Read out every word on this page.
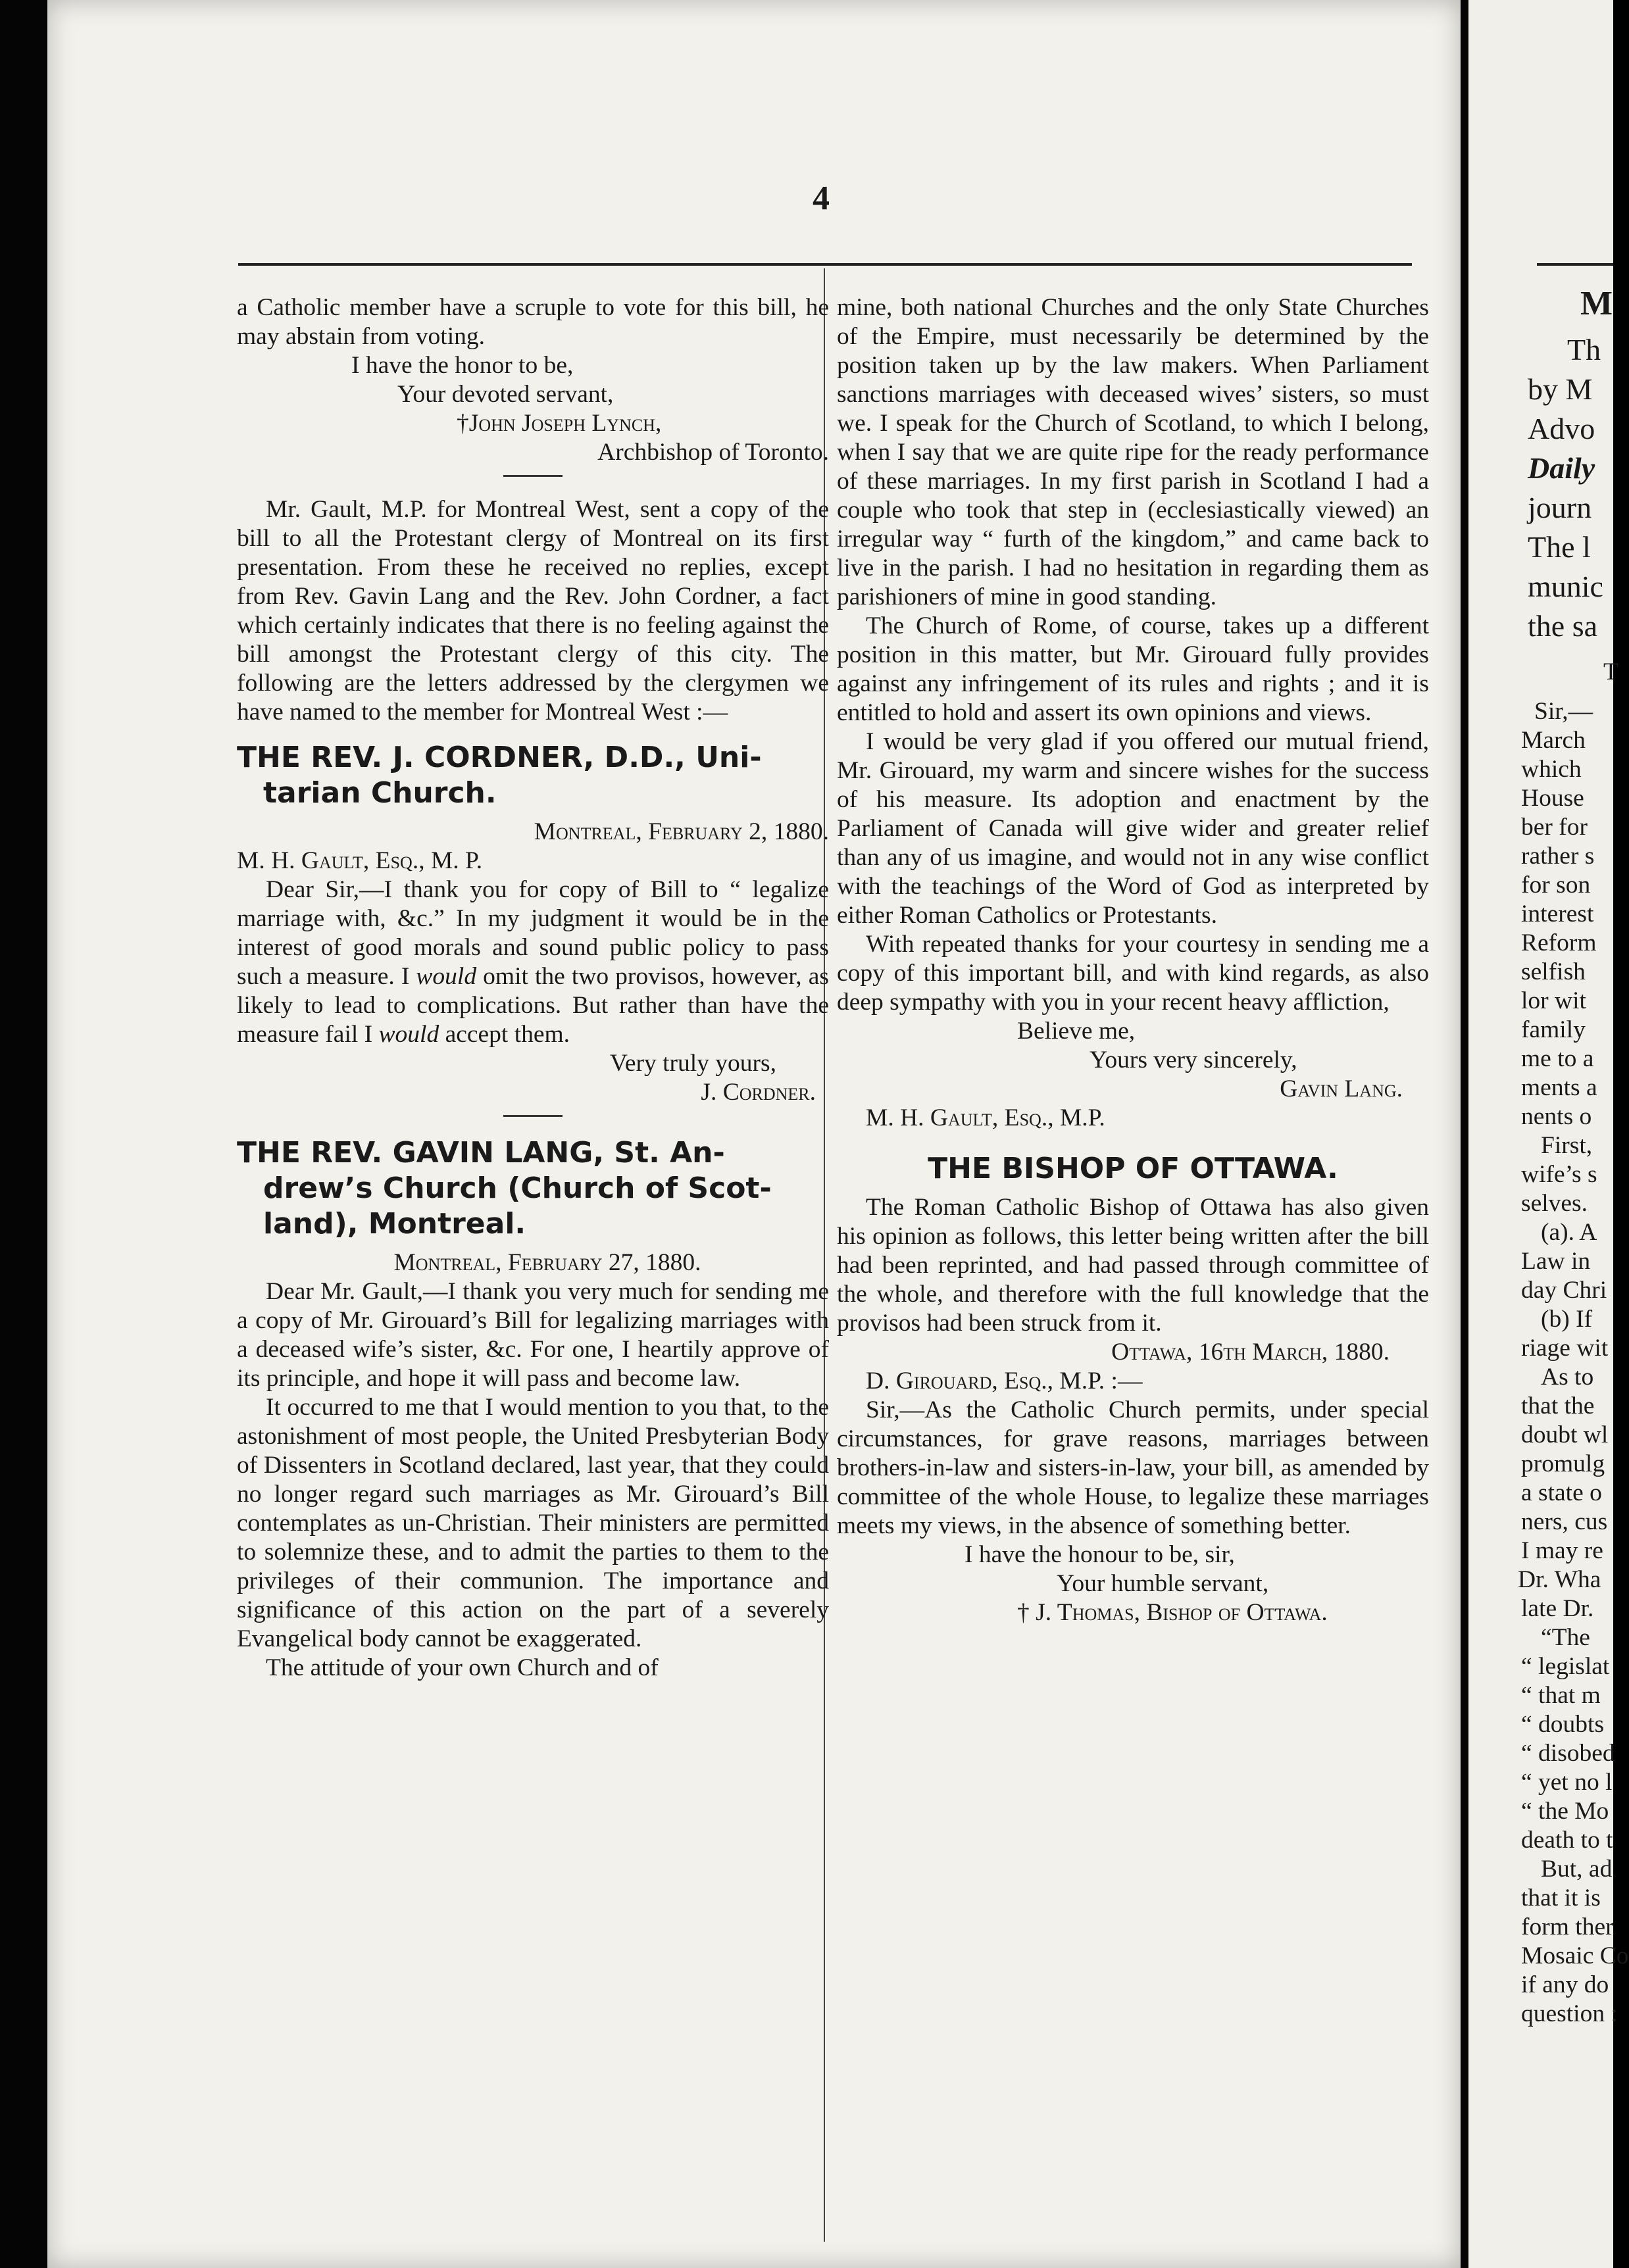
4

a Catholic member have a scruple to vote for this bill, he may abstain from voting.

I have the honor to be,

Your devoted servant,

†John Joseph Lynch,

Archbishop of Toronto.

Mr. Gault, M.P. for Montreal West, sent a copy of the bill to all the Protestant clergy of Montreal on its first presentation. From these he received no replies, except from Rev. Gavin Lang and the Rev. John Cordner, a fact which certainly indicates that there is no feeling against the bill amongst the Protestant clergy of this city. The following are the letters addressed by the clergymen we have named to the member for Montreal West :—

THE REV. J. CORDNER, D.D., Uni-
tarian Church.

Montreal, February 2, 1880.

M. H. Gault, Esq., M. P.

Dear Sir,—I thank you for copy of Bill to “ legalize marriage with, &c.” In my judgment it would be in the interest of good morals and sound public policy to pass such a measure. I would omit the two provisos, however, as likely to lead to complications. But rather than have the measure fail I would accept them.

Very truly yours,

J. Cordner.

THE REV. GAVIN LANG, St. An-
drew’s Church (Church of Scot-
land), Montreal.

Montreal, February 27, 1880.

Dear Mr. Gault,—I thank you very much for sending me a copy of Mr. Girouard’s Bill for legalizing marriages with a deceased wife’s sister, &c. For one, I heartily approve of its principle, and hope it will pass and become law.

It occurred to me that I would mention to you that, to the astonishment of most people, the United Presbyterian Body of Dissenters in Scotland declared, last year, that they could no longer regard such marriages as Mr. Girouard’s Bill contemplates as un-Christian. Their ministers are permitted to solemnize these, and to admit the parties to them to the privileges of their communion. The importance and significance of this action on the part of a severely Evangelical body cannot be exaggerated.

The attitude of your own Church and of

mine, both national Churches and the only State Churches of the Empire, must necessarily be determined by the position taken up by the law makers. When Parliament sanctions marriages with deceased wives’ sisters, so must we. I speak for the Church of Scotland, to which I belong, when I say that we are quite ripe for the ready performance of these marriages. In my first parish in Scotland I had a couple who took that step in (ecclesiastically viewed) an irregular way “ furth of the kingdom,” and came back to live in the parish. I had no hesitation in regarding them as parishioners of mine in good standing.

The Church of Rome, of course, takes up a different position in this matter, but Mr. Girouard fully provides against any infringement of its rules and rights ; and it is entitled to hold and assert its own opinions and views.

I would be very glad if you offered our mutual friend, Mr. Girouard, my warm and sincere wishes for the success of his measure. Its adoption and enactment by the Parliament of Canada will give wider and greater relief than any of us imagine, and would not in any wise conflict with the teachings of the Word of God as interpreted by either Roman Catholics or Protestants.

With repeated thanks for your courtesy in sending me a copy of this important bill, and with kind regards, as also deep sympathy with you in your recent heavy affliction,

Believe me,

Yours very sincerely,

Gavin Lang.

M. H. Gault, Esq., M.P.

THE BISHOP OF OTTAWA.

The Roman Catholic Bishop of Ottawa has also given his opinion as follows, this letter being written after the bill had been reprinted, and had passed through committee of the whole, and therefore with the full knowledge that the provisos had been struck from it.

Ottawa, 16th March, 1880.

D. Girouard, Esq., M.P. :—

Sir,—As the Catholic Church permits, under special circumstances, for grave reasons, marriages between brothers-in-law and sisters-in-law, your bill, as amended by committee of the whole House, to legalize these marriages meets my views, in the absence of something better.

I have the honour to be, sir,

Your humble servant,

† J. Thomas, Bishop of Ottawa.

M
Th
by M
Advo
Daily
journ
The l
munic
the sa
T
Sir,—
March
which
House
ber for
rather s
for son
interest
Reform
selfish
lor wit
family
me to a
ments a
nents o
First,
wife’s s
selves.
(a). A
Law in
day Chri
(b) If
riage wit
As to
that the
doubt wl
promulg
a state o
ners, cus
I may re
Dr. Wha
late Dr.
“The
“ legislat
“ that m
“ doubts
“ disobed
“ yet no l
“ the Mo
death to t
But, ad
that it is
form ther
Mosaic Co
if any do
question :
